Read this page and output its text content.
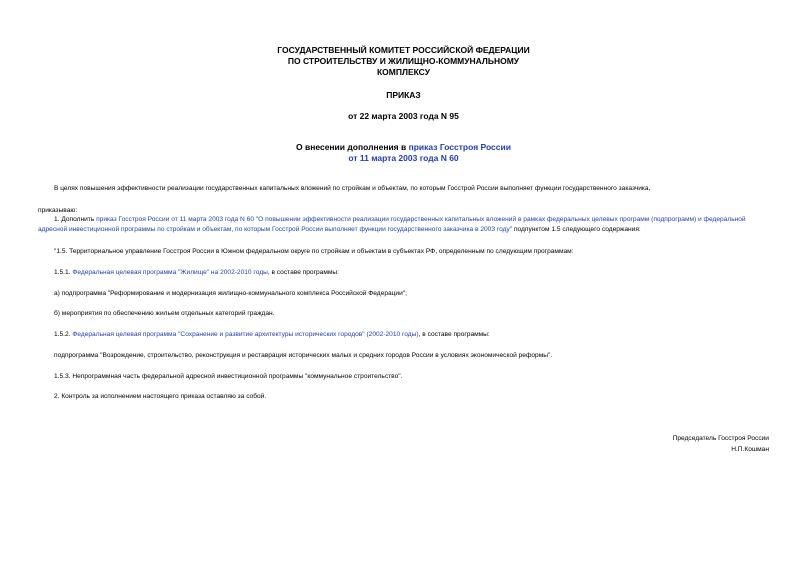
ГОСУДАРСТВЕННЫЙ КОМИТЕТ РОССИЙСКОЙ ФЕДЕРАЦИИ
ПО СТРОИТЕЛЬСТВУ И ЖИЛИЩНО-КОММУНАЛЬНОМУ
КОМПЛЕКСУ
ПРИКАЗ
от 22 марта 2003 года N 95
О внесении дополнения в приказ Госстроя России
от 11 марта 2003 года N 60
В целях повышения эффективности реализации государственных капитальных вложений по стройкам и объектам, по которым Госстрой России выполняет функции государственного заказчика,
приказываю:
1. Дополнить приказ Госстроя России от 11 марта 2003 года N 60 "О повышении эффективности реализации государственных капитальных вложений в рамках федеральных целевых программ (подпрограмм) и федеральной адресной инвестиционной программы по стройкам и объектам, по которым Госстрой России выполняет функции государственного заказчика в 2003 году" подпунктом 1.5 следующего содержания:
"1.5. Территориальное управление Госстроя России в Южном федеральном округе по стройкам и объектам в субъектах РФ, определенным по следующим программам:
1.5.1. Федеральная целевая программа "Жилище" на 2002-2010 годы, в составе программы:
а) подпрограмма "Реформирование и модернизация жилищно-коммунального комплекса Российской Федерации";
б) мероприятия по обеспечению жильем отдельных категорий граждан.
1.5.2. Федеральная целевая программа "Сохранение и развитие архитектуры исторических городов" (2002-2010 годы), в составе программы:
подпрограмма "Возрождение, строительство, реконструкция и реставрация исторических малых и средних городов России в условиях экономической реформы".
1.5.3. Непрограммная часть федеральной адресной инвестиционной программы "коммунальное строительство".
2. Контроль за исполнением настоящего приказа оставляю за собой.
Председатель Госстроя России
Н.П.Кошман
